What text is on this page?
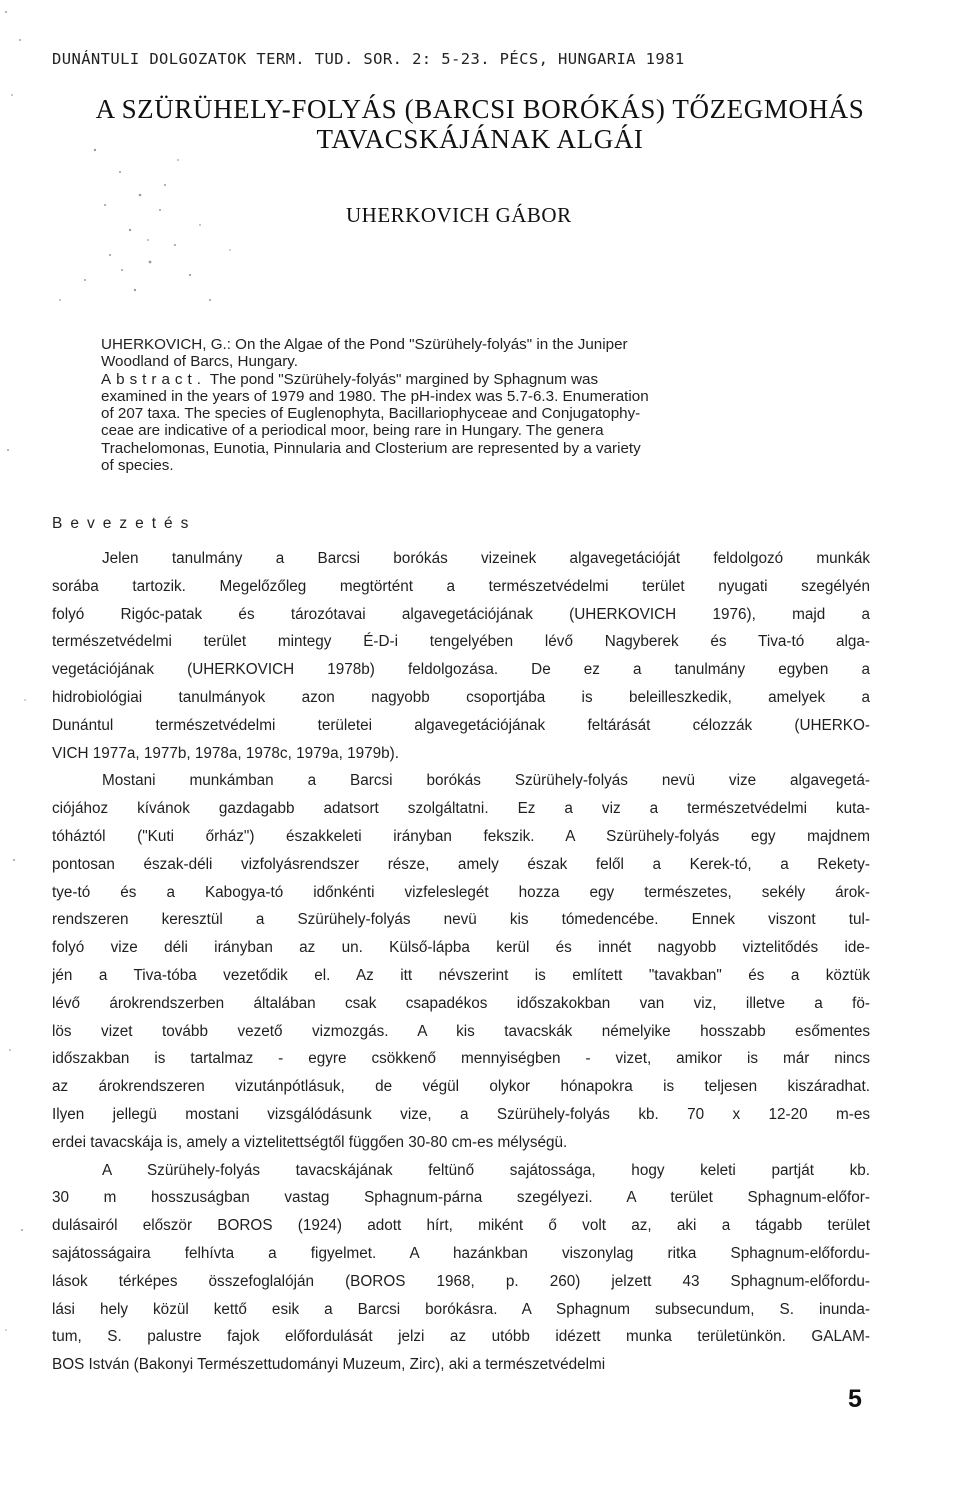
DUNÁNTULI DOLGOZATOK TERM. TUD. SOR. 2: 5-23. PÉCS, HUNGARIA 1981
A SZÜRÜHELY-FOLYÁS (BARCSI BORÓKÁS) TŐZEGMOHÁS
TAVACSKÁJÁNAK ALGÁI
UHERKOVICH GÁBOR
UHERKOVICH, G.: On the Algae of the Pond "Szürühely-folyás" in the Juniper
Woodland of Barcs, Hungary.
Abstract. The pond "Szürühely-folyás" margined by Sphagnum was
examined in the years of 1979 and 1980. The pH-index was 5.7-6.3. Enumeration
of 207 taxa. The species of Euglenophyta, Bacillariophyceae and Conjugatophy-
ceae are indicative of a periodical moor, being rare in Hungary. The genera
Trachelomonas, Eunotia, Pinnularia and Closterium are represented by a variety
of species.
Bevezetés
Jelen tanulmány a Barcsi borókás vizeinek algavegetációját feldolgozó munkák
sorába tartozik. Megelőzőleg megtörtént a természetvédelmi terület nyugati szegélyén
folyó Rigóc-patak és tározótavai algavegetációjának (UHERKOVICH 1976), majd a
természetvédelmi terület mintegy É-D-i tengelyében lévő Nagyberek és Tiva-tó alga-
vegetációjának (UHERKOVICH 1978b) feldolgozása. De ez a tanulmány egyben a
hidrobiológiai tanulmányok azon nagyobb csoportjába is beleilleszkedik, amelyek a
Dunántul természetvédelmi területei algavegetációjának feltárását célozzák (UHERKO-
VICH 1977a, 1977b, 1978a, 1978c, 1979a, 1979b).
Mostani munkámban a Barcsi borókás Szürühely-folyás nevü vize algavegetá-
ciójához kívánok gazdagabb adatsort szolgáltatni. Ez a viz a természetvédelmi kuta-
tóháztól ("Kuti őrház") északkeleti irányban fekszik. A Szürühely-folyás egy majdnem
pontosan észak-déli vizfolyásrendszer része, amely észak felől a Kerek-tó, a Rekety-
tye-tó és a Kabogya-tó időnkénti vizfeleslegét hozza egy természetes, sekély árok-
rendszeren keresztül a Szürühely-folyás nevü kis tómedencébe. Ennek viszont tul-
folyó vize déli irányban az un. Külső-lápba kerül és innét nagyobb viztelitődés ide-
jén a Tiva-tóba vezetődik el. Az itt névszerint is említett "tavakban" és a köztük
lévő árokrendszerben általában csak csapadékos időszakokban van viz, illetve a fö-
lös vizet tovább vezető vizmozgás. A kis tavacskák némelyike hosszabb esőmentes
időszakban is tartalmaz - egyre csökkenő mennyiségben - vizet, amikor is már nincs
az árokrendszeren vizutánpótlásuk, de végül olykor hónapokra is teljesen kiszáradhat.
Ilyen jellegü mostani vizsgálódásunk vize, a Szürühely-folyás kb. 70 x 12-20 m-es
erdei tavacskája is, amely a viztelitettségtől függően 30-80 cm-es mélységü.
A Szürühely-folyás tavacskájának feltünő sajátossága, hogy keleti partját kb.
30 m hosszuságban vastag Sphagnum-párna szegélyezi. A terület Sphagnum-előfor-
dulásairól először BOROS (1924) adott hírt, miként ő volt az, aki a tágabb terület
sajátosságaira felhívta a figyelmet. A hazánkban viszonylag ritka Sphagnum-előfordu-
lások térképes összefoglalóján (BOROS 1968, p. 260) jelzett 43 Sphagnum-előfordu-
lási hely közül kettő esik a Barcsi borókásra. A Sphagnum subsecundum, S. inunda-
tum, S. palustre fajok előfordulását jelzi az utóbb idézett munka területünkön. GALAM-
BOS István (Bakonyi Természettudományi Muzeum, Zirc), aki a természetvédelmi
5
